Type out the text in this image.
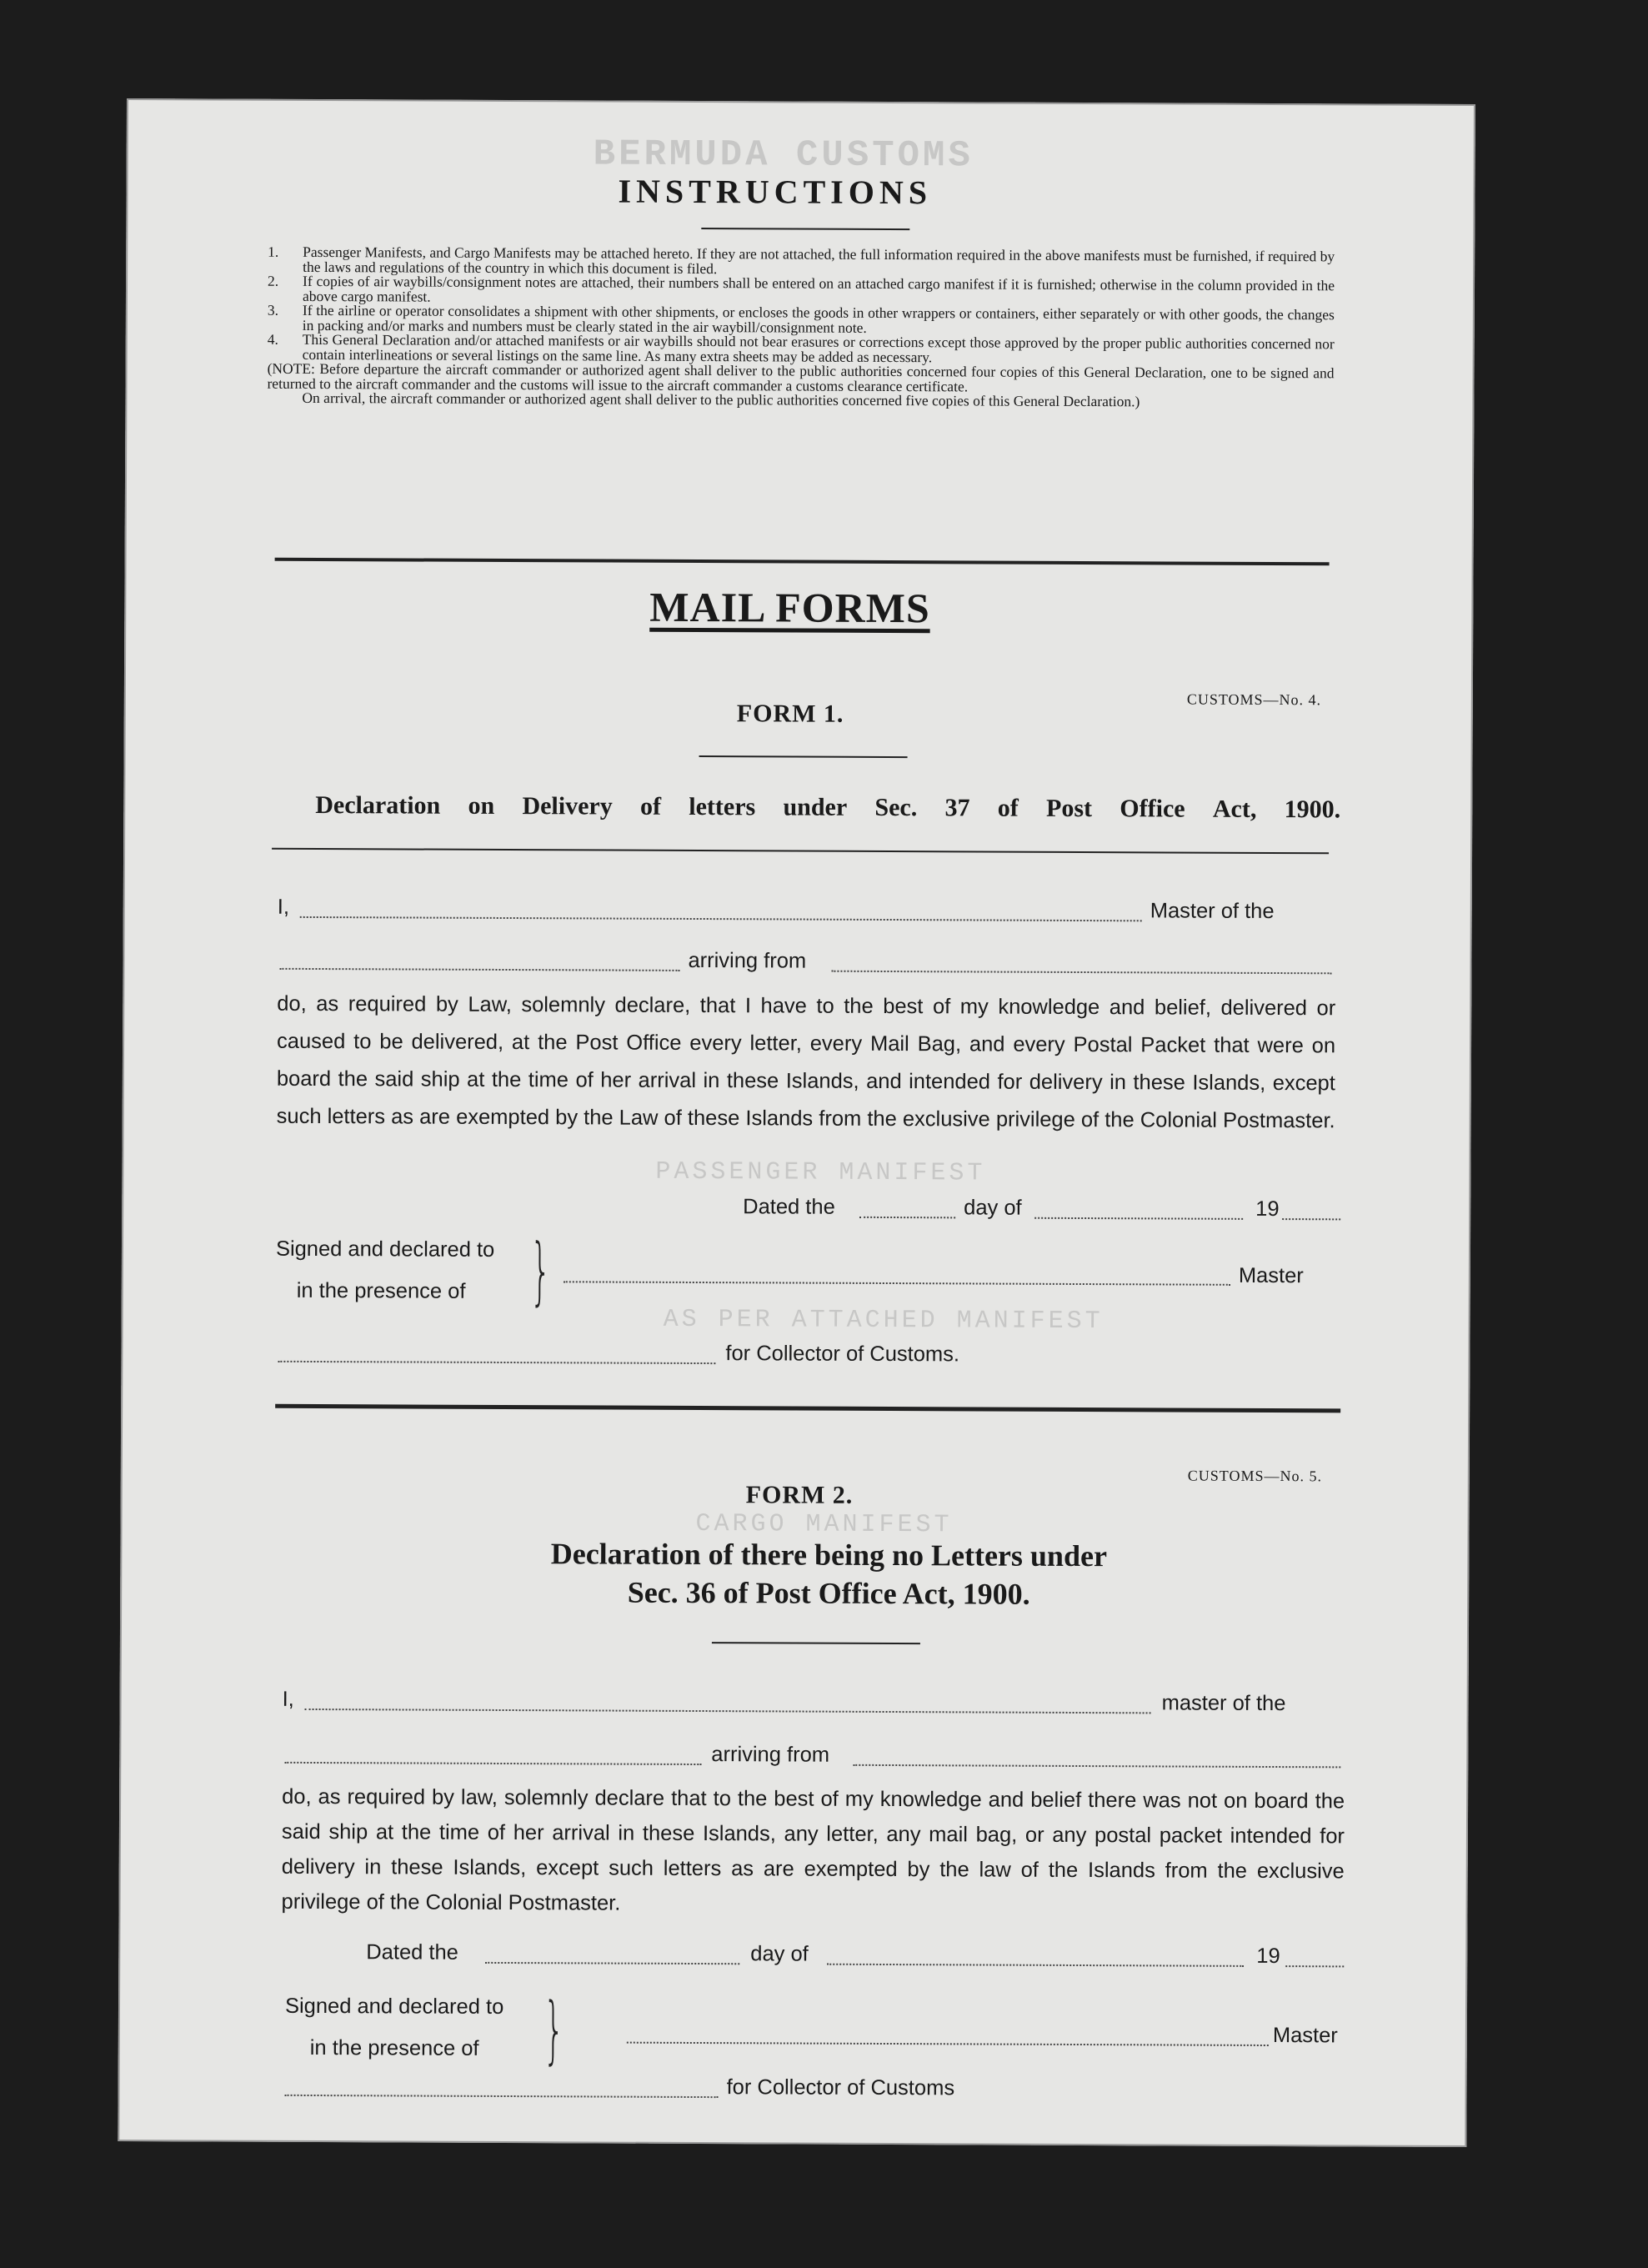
BERMUDA CUSTOMS
PASSENGER MANIFEST
AS PER ATTACHED MANIFEST
CARGO MANIFEST
INSTRUCTIONS
1.	Passenger Manifests, and Cargo Manifests may be attached hereto. If they are not attached, the full information required in the above manifests must be furnished, if required by the laws and regulations of the country in which this document is filed.
2.	If copies of air waybills/consignment notes are attached, their numbers shall be entered on an attached cargo manifest if it is furnished; otherwise in the column provided in the above cargo manifest.
3.	If the airline or operator consolidates a shipment with other shipments, or encloses the goods in other wrappers or containers, either separately or with other goods, the changes in packing and/or marks and numbers must be clearly stated in the air waybill/consignment note.
4.	This General Declaration and/or attached manifests or air waybills should not bear erasures or corrections except those approved by the proper public authorities concerned nor contain interlineations or several listings on the same line. As many extra sheets may be added as necessary.
(NOTE: Before departure the aircraft commander or authorized agent shall deliver to the public authorities concerned four copies of this General Declaration, one to be signed and returned to the aircraft commander and the customs will issue to the aircraft commander a customs clearance certificate.
On arrival, the aircraft commander or authorized agent shall deliver to the public authorities concerned five copies of this General Declaration.)
MAIL FORMS
CUSTOMS—No. 4.
FORM 1.
Declaration on Delivery of letters under Sec. 37 of Post Office Act, 1900.
I,	Master of the
arriving from
do, as required by Law, solemnly declare, that I have to the best of my knowledge and belief, delivered or caused to be delivered, at the Post Office every letter, every Mail Bag, and every Postal Packet that were on board the said ship at the time of her arrival in these Islands, and intended for delivery in these Islands, except such letters as are exempted by the Law of these Islands from the exclusive privilege of the Colonial Postmaster.
Dated the	day of	19
Signed and declared to
in the presence of }	Master
for Collector of Customs.
CUSTOMS—No. 5.
FORM 2.
Declaration of there being no Letters under
Sec. 36 of Post Office Act, 1900.
I,	master of the
arriving from
do, as required by law, solemnly declare that to the best of my knowledge and belief there was not on board the said ship at the time of her arrival in these Islands, any letter, any mail bag, or any postal packet intended for delivery in these Islands, except such letters as are exempted by the law of the Islands from the exclusive privilege of the Colonial Postmaster.
Dated the	day of	19
Signed and declared to
in the presence of }	Master
for Collector of Customs
